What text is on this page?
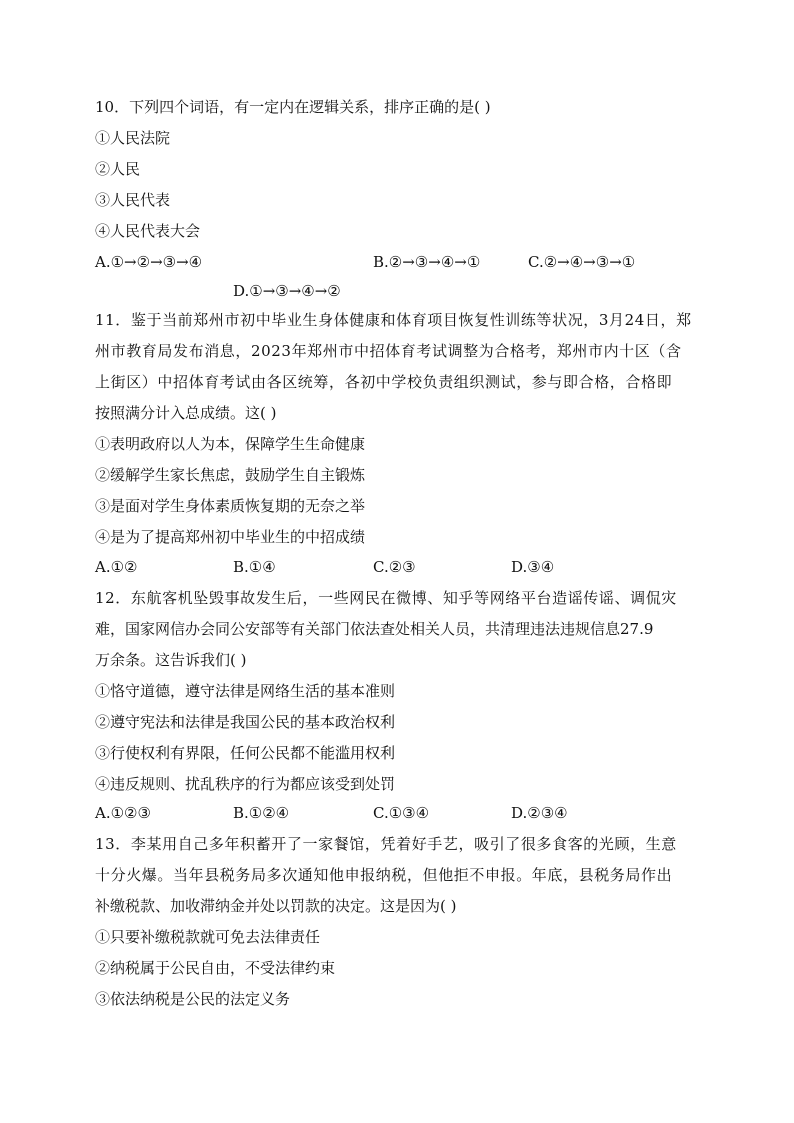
10．下列四个词语，有一定内在逻辑关系，排序正确的是( )
①人民法院
②人民
③人民代表
④人民代表大会
A.①→②→③→④	B.②→③→④→①	C.②→④→③→①
D.①→③→④→②
11．鉴于当前郑州市初中毕业生身体健康和体育项目恢复性训练等状况，3月24日，郑
州市教育局发布消息，2023年郑州市中招体育考试调整为合格考，郑州市内十区（含
上街区）中招体育考试由各区统筹，各初中学校负责组织测试，参与即合格，合格即
按照满分计入总成绩。这( )
①表明政府以人为本，保障学生生命健康
②缓解学生家长焦虑，鼓励学生自主锻炼
③是面对学生身体素质恢复期的无奈之举
④是为了提高郑州初中毕业生的中招成绩
A.①②	B.①④	C.②③	D.③④
12．东航客机坠毁事故发生后，一些网民在微博、知乎等网络平台造谣传谣、调侃灾
难，国家网信办会同公安部等有关部门依法查处相关人员，共清理违法违规信息27.9
万余条。这告诉我们( )
①恪守道德，遵守法律是网络生活的基本准则
②遵守宪法和法律是我国公民的基本政治权利
③行使权利有界限，任何公民都不能滥用权利
④违反规则、扰乱秩序的行为都应该受到处罚
A.①②③	B.①②④	C.①③④	D.②③④
13．李某用自己多年积蓄开了一家餐馆，凭着好手艺，吸引了很多食客的光顾，生意
十分火爆。当年县税务局多次通知他申报纳税，但他拒不申报。年底，县税务局作出
补缴税款、加收滞纳金并处以罚款的决定。这是因为( )
①只要补缴税款就可免去法律责任
②纳税属于公民自由，不受法律约束
③依法纳税是公民的法定义务
